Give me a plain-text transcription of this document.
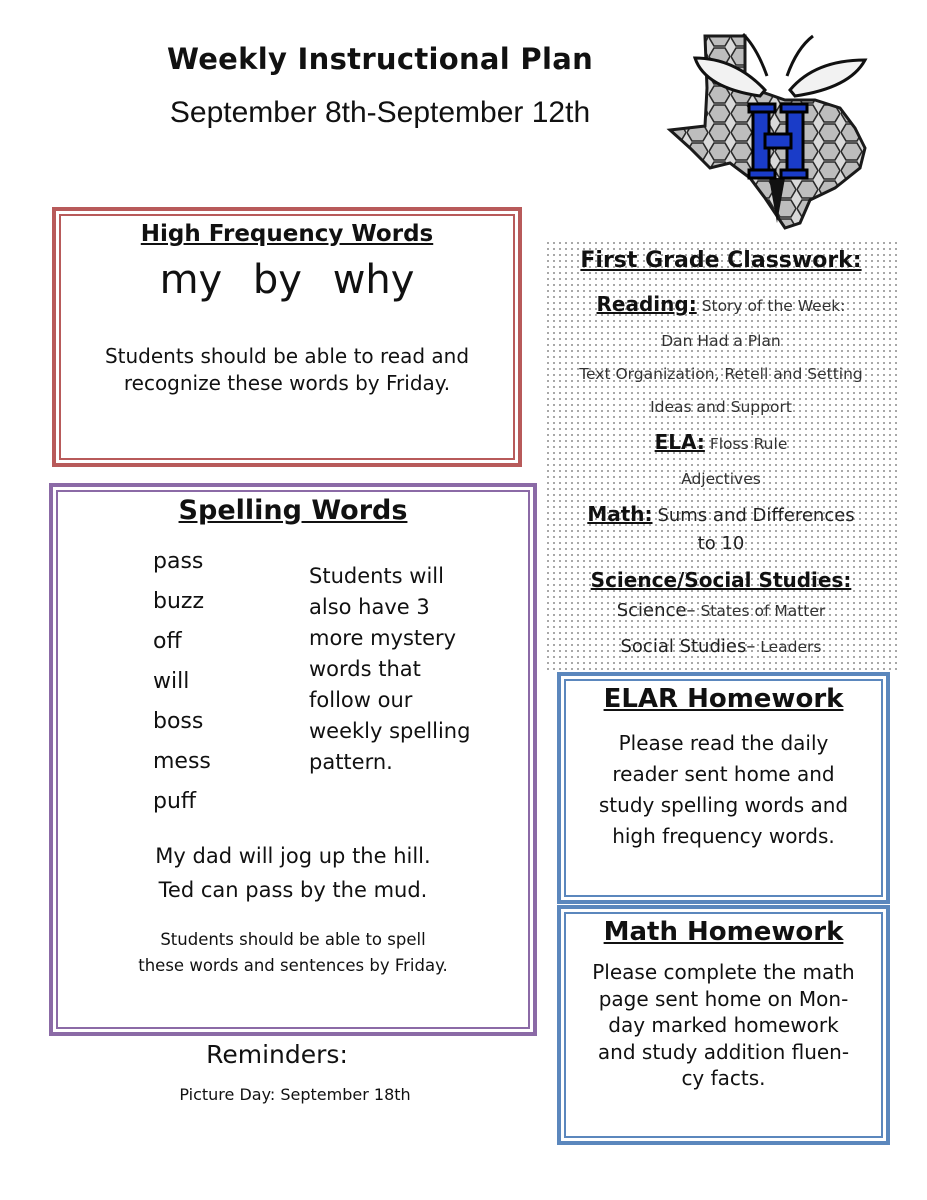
Weekly Instructional Plan
September 8th-September 12th
High Frequency Words
my by why
Students should be able to read and
recognize these words by Friday.
Spelling Words
pass
buzz
off
will
boss
mess
puff
Students will
also have 3
more mystery
words that
follow our
weekly spelling
pattern.
My dad will jog up the hill.
Ted can pass by the mud.
Students should be able to spell
these words and sentences by Friday.
Reminders:
Picture Day: September 18th
First Grade Classwork:
Reading: Story of the Week:
Dan Had a Plan
Text Organization, Retell and Setting
Ideas and Support
ELA: Floss Rule
Adjectives
Math: Sums and Differences
to 10
Science/Social Studies:
Science– States of Matter
Social Studies– Leaders
ELAR Homework
Please read the daily
reader sent home and
study spelling words and
high frequency words.
Math Homework
Please complete the math
page sent home on Mon-
day marked homework
and study addition fluen-
cy facts.
